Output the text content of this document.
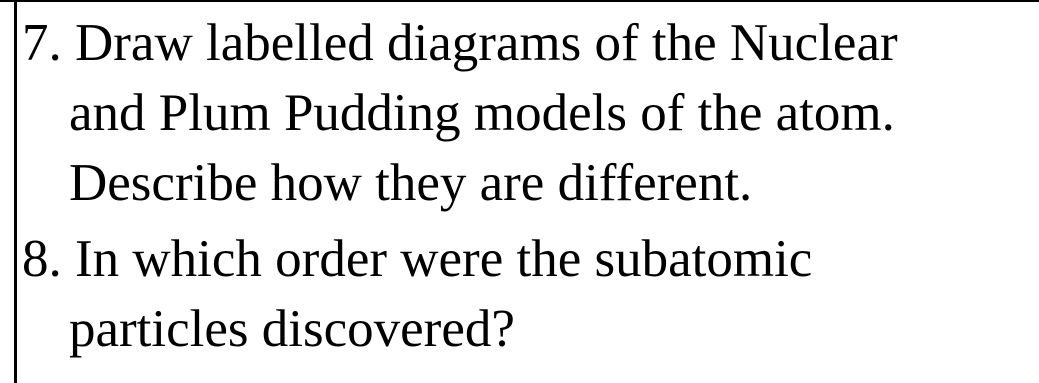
7. Draw labelled diagrams of the Nuclear
and Plum Pudding models of the atom.
Describe how they are different.
8. In which order were the subatomic
particles discovered?
